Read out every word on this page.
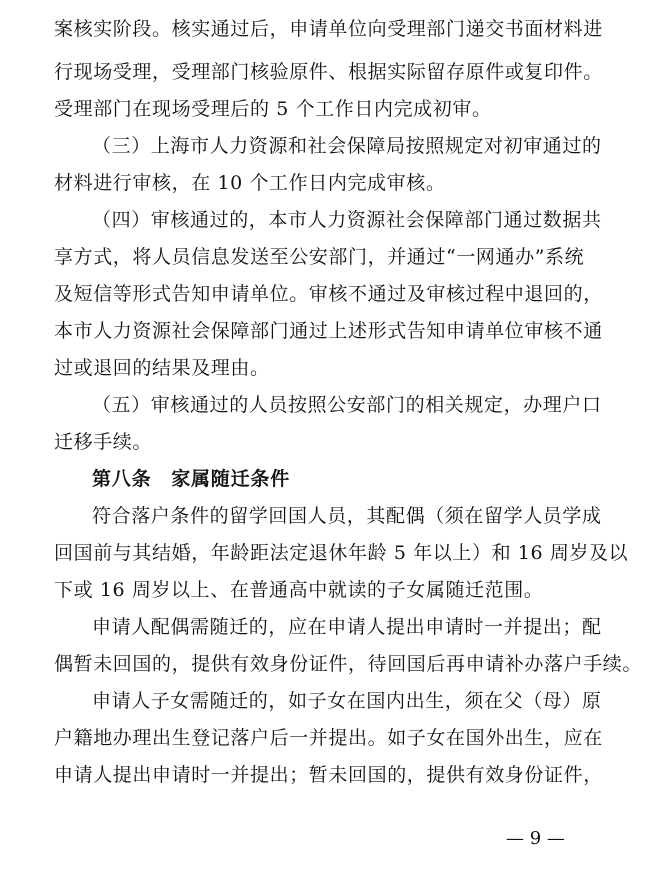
案核实阶段。核实通过后，申请单位向受理部门递交书面材料进
行现场受理，受理部门核验原件、根据实际留存原件或复印件。
受理部门在现场受理后的 5 个工作日内完成初审。
（三）上海市人力资源和社会保障局按照规定对初审通过的
材料进行审核，在 10 个工作日内完成审核。
（四）审核通过的，本市人力资源社会保障部门通过数据共
享方式，将人员信息发送至公安部门，并通过“一网通办”系统
及短信等形式告知申请单位。审核不通过及审核过程中退回的，
本市人力资源社会保障部门通过上述形式告知申请单位审核不通
过或退回的结果及理由。
（五）审核通过的人员按照公安部门的相关规定，办理户口
迁移手续。
第八条　家属随迁条件
符合落户条件的留学回国人员，其配偶（须在留学人员学成
回国前与其结婚，年龄距法定退休年龄 5 年以上）和 16 周岁及以
下或 16 周岁以上、在普通高中就读的子女属随迁范围。
申请人配偶需随迁的，应在申请人提出申请时一并提出；配
偶暂未回国的，提供有效身份证件，待回国后再申请补办落户手续。
申请人子女需随迁的，如子女在国内出生，须在父（母）原
户籍地办理出生登记落户后一并提出。如子女在国外出生，应在
申请人提出申请时一并提出；暂未回国的，提供有效身份证件，
— 9 —
